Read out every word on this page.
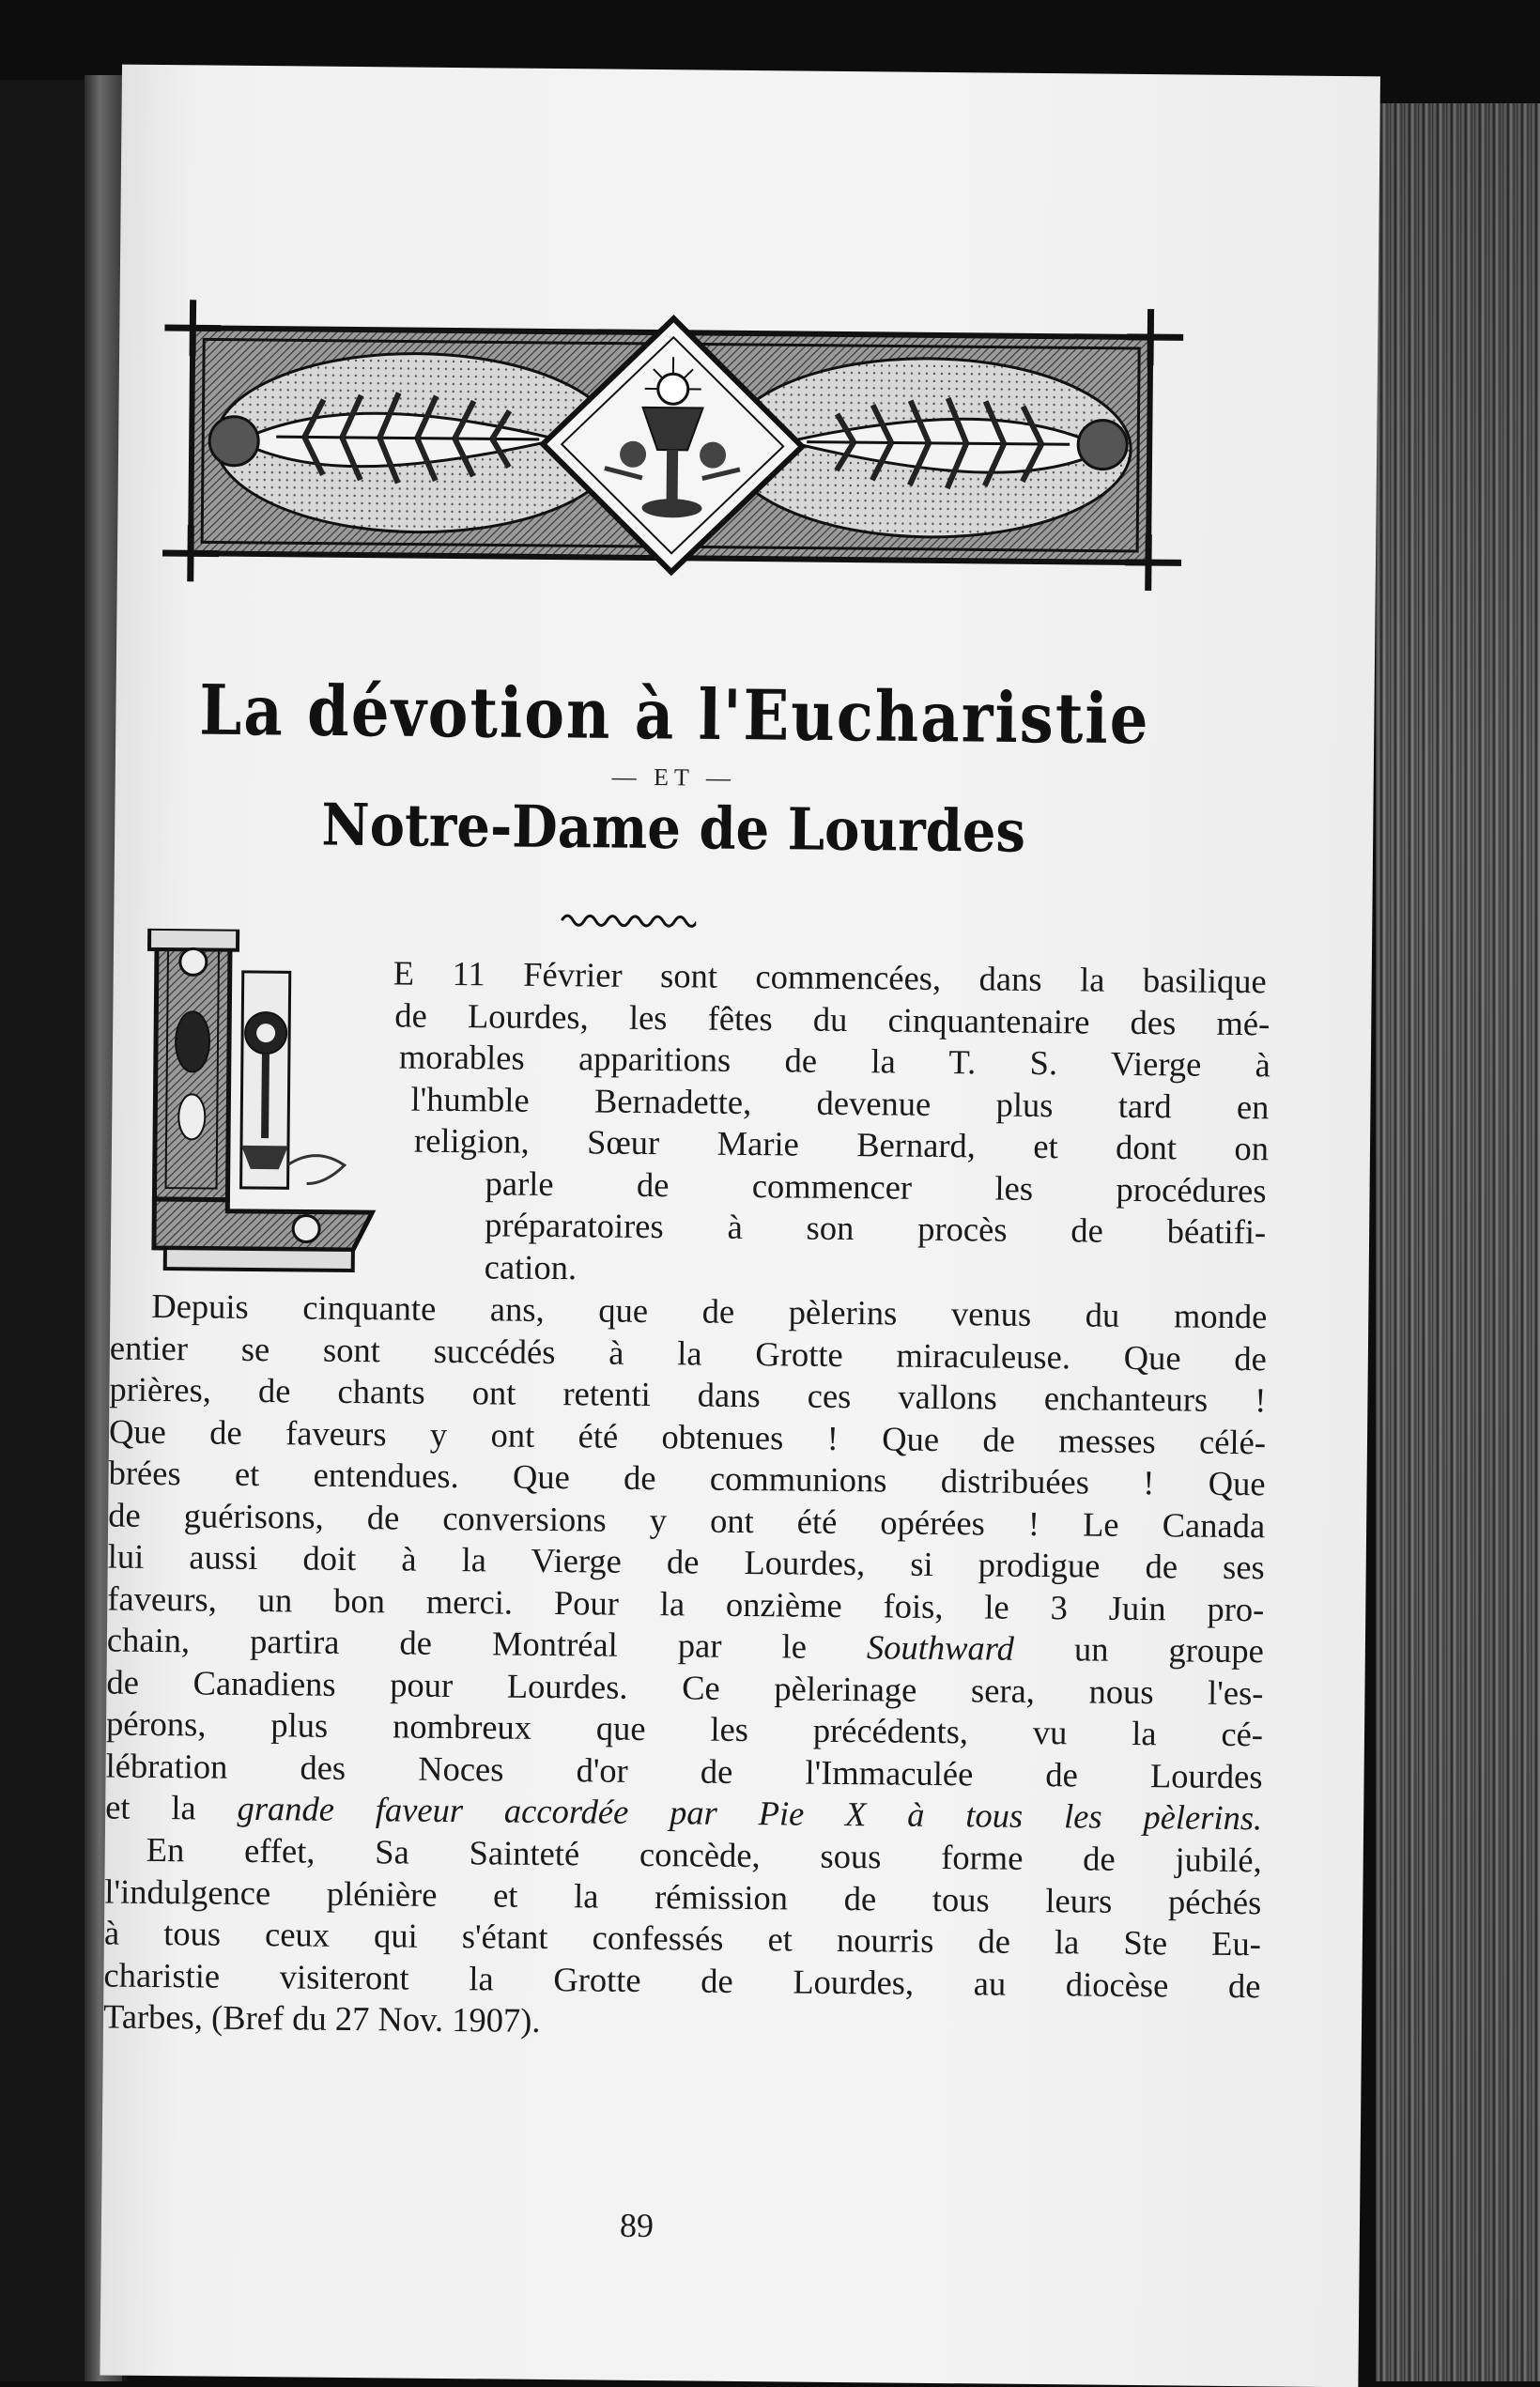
La dévotion à l'Eucharistie
— ET —
Notre-Dame de Lourdes
E 11 Février sont commencées, dans la basilique
de Lourdes, les fêtes du cinquantenaire des mé-
morables apparitions de la T. S. Vierge à
l'humble Bernadette, devenue plus tard en
religion, Sœur Marie Bernard, et dont on
parle de commencer les procédures
préparatoires à son procès de béatifi-
cation.
Depuis cinquante ans, que de pèlerins venus du monde
entier se sont succédés à la Grotte miraculeuse. Que de
prières, de chants ont retenti dans ces vallons enchanteurs !
Que de faveurs y ont été obtenues ! Que de messes célé-
brées et entendues. Que de communions distribuées ! Que
de guérisons, de conversions y ont été opérées ! Le Canada
lui aussi doit à la Vierge de Lourdes, si prodigue de ses
faveurs, un bon merci. Pour la onzième fois, le 3 Juin pro-
chain, partira de Montréal par le Southward un groupe
de Canadiens pour Lourdes. Ce pèlerinage sera, nous l'es-
pérons, plus nombreux que les précédents, vu la cé-
lébration des Noces d'or de l'Immaculée de Lourdes
et la grande faveur accordée par Pie X à tous les pèlerins.
En effet, Sa Sainteté concède, sous forme de jubilé,
l'indulgence plénière et la rémission de tous leurs péchés
à tous ceux qui s'étant confessés et nourris de la Ste Eu-
charistie visiteront la Grotte de Lourdes, au diocèse de
Tarbes, (Bref du 27 Nov. 1907).
89
